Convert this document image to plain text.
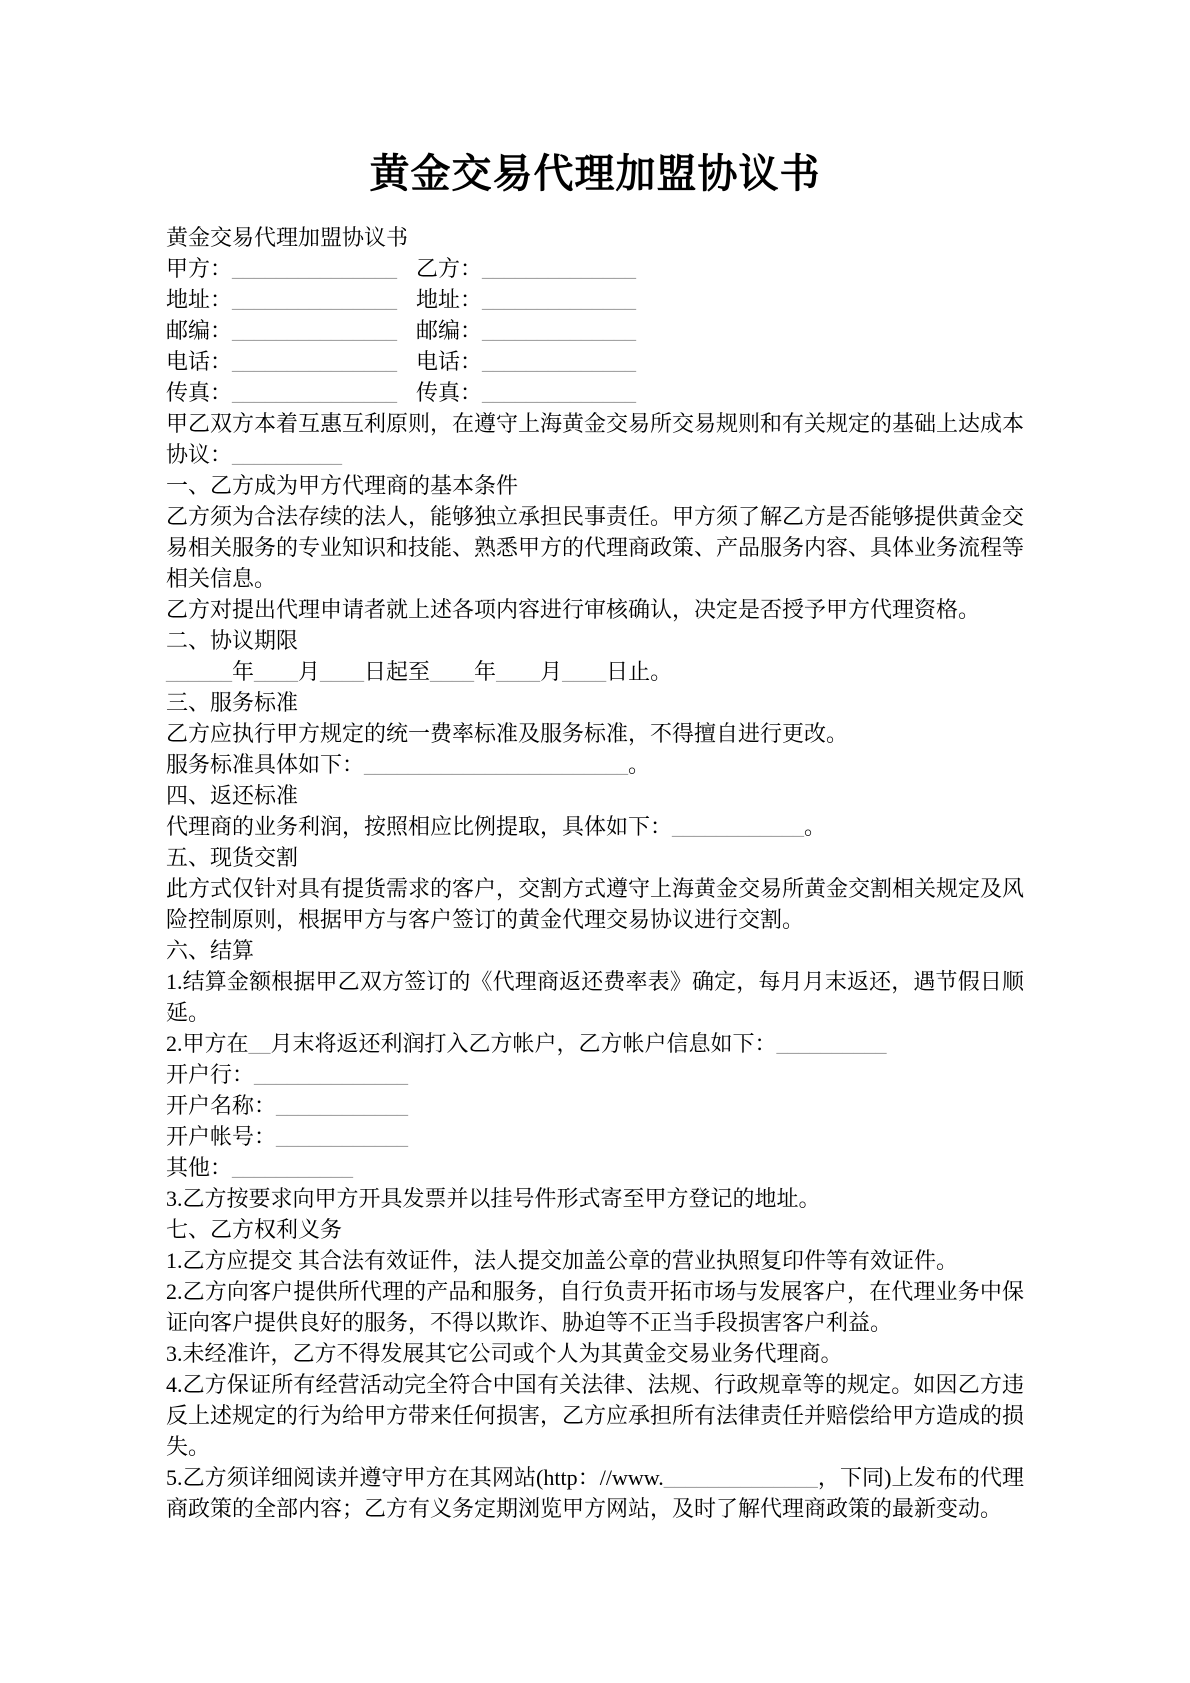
黄金交易代理加盟协议书

黄金交易代理加盟协议书

甲方：_______________ 乙方：______________

地址：_______________ 地址：______________

邮编：_______________ 邮编：______________

电话：_______________ 电话：______________

传真：_______________ 传真：______________

甲乙双方本着互惠互利原则，在遵守上海黄金交易所交易规则和有关规定的基础上达成本协议：__________

一、乙方成为甲方代理商的基本条件

乙方须为合法存续的法人，能够独立承担民事责任。甲方须了解乙方是否能够提供黄金交易相关服务的专业知识和技能、熟悉甲方的代理商政策、产品服务内容、具体业务流程等相关信息。

乙方对提出代理申请者就上述各项内容进行审核确认，决定是否授予甲方代理资格。

二、协议期限

______年____月____日起至____年____月____日止。

三、服务标准

乙方应执行甲方规定的统一费率标准及服务标准，不得擅自进行更改。

服务标准具体如下：________________________。

四、返还标准

代理商的业务利润，按照相应比例提取，具体如下：____________。

五、现货交割

此方式仅针对具有提货需求的客户，交割方式遵守上海黄金交易所黄金交割相关规定及风险控制原则，根据甲方与客户签订的黄金代理交易协议进行交割。

六、结算

1.结算金额根据甲乙双方签订的《代理商返还费率表》确定，每月月末返还，遇节假日顺延。

2.甲方在__月末将返还利润打入乙方帐户，乙方帐户信息如下：__________

开户行：______________

开户名称：____________

开户帐号：____________

其他：___________

3.乙方按要求向甲方开具发票并以挂号件形式寄至甲方登记的地址。

七、乙方权利义务

1.乙方应提交 其合法有效证件，法人提交加盖公章的营业执照复印件等有效证件。

2.乙方向客户提供所代理的产品和服务，自行负责开拓市场与发展客户，在代理业务中保证向客户提供良好的服务，不得以欺诈、胁迫等不正当手段损害客户利益。

3.未经准许，乙方不得发展其它公司或个人为其黄金交易业务代理商。

4.乙方保证所有经营活动完全符合中国有关法律、法规、行政规章等的规定。如因乙方违反上述规定的行为给甲方带来任何损害，乙方应承担所有法律责任并赔偿给甲方造成的损失。

5.乙方须详细阅读并遵守甲方在其网站(http：//www.______________，下同)上发布的代理商政策的全部内容；乙方有义务定期浏览甲方网站，及时了解代理商政策的最新变动。
